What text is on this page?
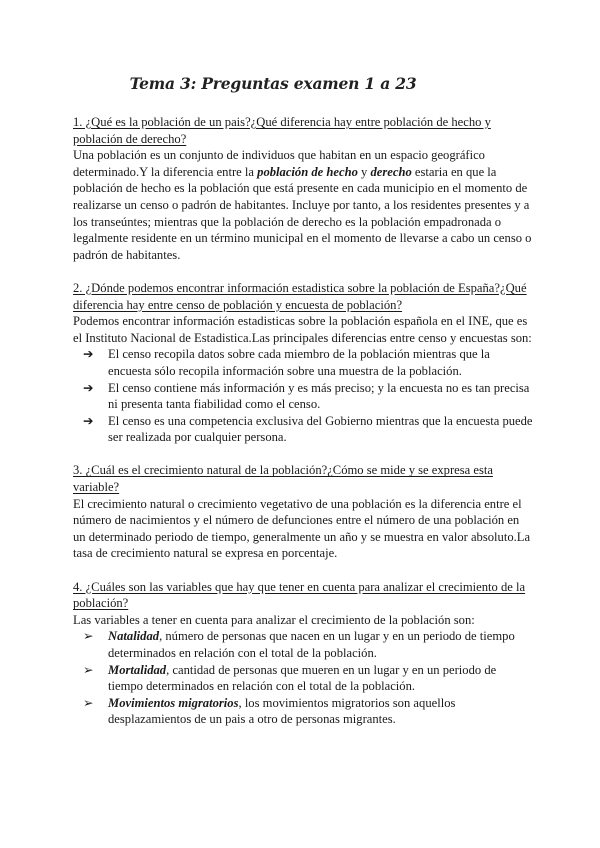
Tema 3: Preguntas examen 1 a 23

1. ¿Qué es la población de un pais?¿Qué diferencia hay entre población de hecho y población de derecho?

Una población es un conjunto de individuos que habitan en un espacio geográfico determinado.Y la diferencia entre la población de hecho y derecho estaria en que la población de hecho es la población que está presente en cada municipio en el momento de realizarse un censo o padrón de habitantes. Incluye por tanto, a los residentes presentes y a los transeúntes; mientras que la población de derecho es la población empadronada o legalmente residente en un término municipal en el momento de llevarse a cabo un censo o padrón de habitantes.

2. ¿Dónde podemos encontrar información estadistica sobre la población de España?¿Qué diferencia hay entre censo de población y encuesta de población?

Podemos encontrar información estadisticas sobre la población española en el INE, que es el Instituto Nacional de Estadistica.Las principales diferencias entre censo y encuestas son:

➔	El censo recopila datos sobre cada miembro de la población mientras que la encuesta sólo recopila información sobre una muestra de la población.
➔	El censo contiene más información y es más preciso; y la encuesta no es tan precisa ni presenta tanta fiabilidad como el censo.
➔	El censo es una competencia exclusiva del Gobierno mientras que la encuesta puede ser realizada por cualquier persona.

3. ¿Cuál es el crecimiento natural de la población?¿Cómo se mide y se expresa esta variable?

El crecimiento natural o crecimiento vegetativo de una población es la diferencia entre el número de nacimientos y el número de defunciones entre el número de una población en un determinado periodo de tiempo, generalmente un año y se muestra en valor absoluto.La tasa de crecimiento natural se expresa en porcentaje.

4. ¿Cuáles son las variables que hay que tener en cuenta para analizar el crecimiento de la población?

Las variables a tener en cuenta para analizar el crecimiento de la población son:

➢	Natalidad, número de personas que nacen en un lugar y en un periodo de tiempo determinados en relación con el total de la población.
➢	Mortalidad, cantidad de personas que mueren en un lugar y en un periodo de tiempo determinados en relación con el total de la población.
➢	Movimientos migratorios, los movimientos migratorios son aquellos desplazamientos de un pais a otro de personas migrantes.
